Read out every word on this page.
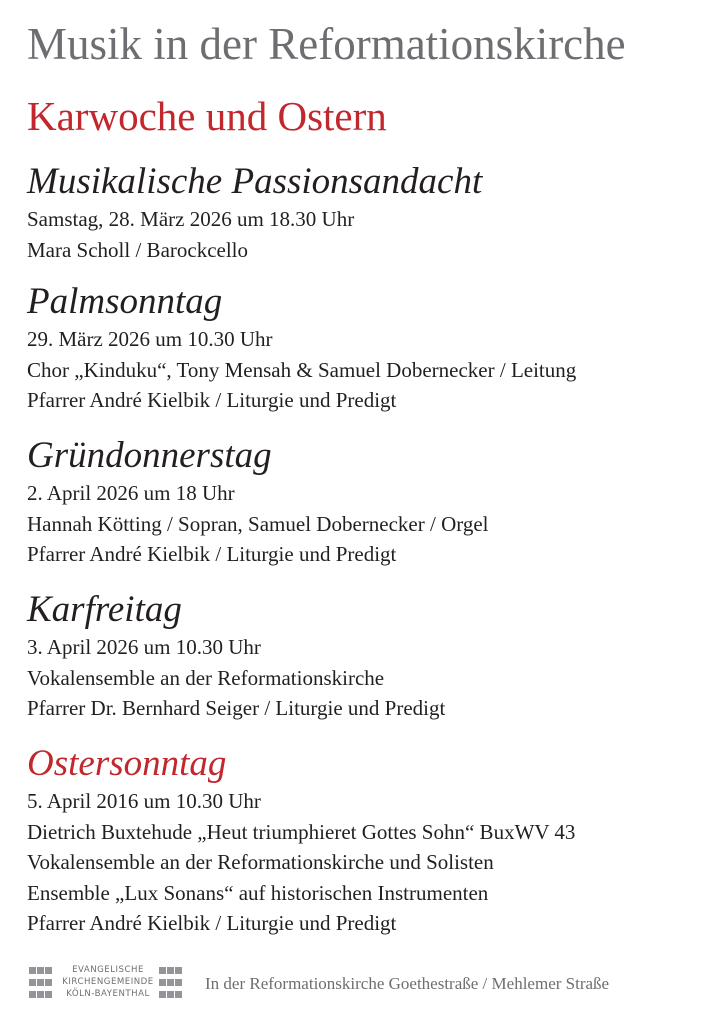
Musik in der Reformationskirche
Karwoche und Ostern
Musikalische Passionsandacht
Samstag, 28. März 2026 um 18.30 Uhr
Mara Scholl / Barockcello
Palmsonntag
29. März 2026 um 10.30 Uhr
Chor „Kinduku“, Tony Mensah & Samuel Dobernecker / Leitung
Pfarrer André Kielbik / Liturgie und Predigt
Gründonnerstag
2. April 2026 um 18 Uhr
Hannah Kötting / Sopran, Samuel Dobernecker / Orgel
Pfarrer André Kielbik / Liturgie und Predigt
Karfreitag
3. April 2026 um 10.30 Uhr
Vokalensemble an der Reformationskirche
Pfarrer Dr. Bernhard Seiger / Liturgie und Predigt
Ostersonntag
5. April 2016 um 10.30 Uhr
Dietrich Buxtehude „Heut triumphieret Gottes Sohn“ BuxWV 43
Vokalensemble an der Reformationskirche und Solisten
Ensemble „Lux Sonans“ auf historischen Instrumenten
Pfarrer André Kielbik / Liturgie und Predigt
EVANGELISCHE
KIRCHENGEMEINDE
KÖLN-BAYENTHAL
In der Reformationskirche Goethestraße / Mehlemer Straße
